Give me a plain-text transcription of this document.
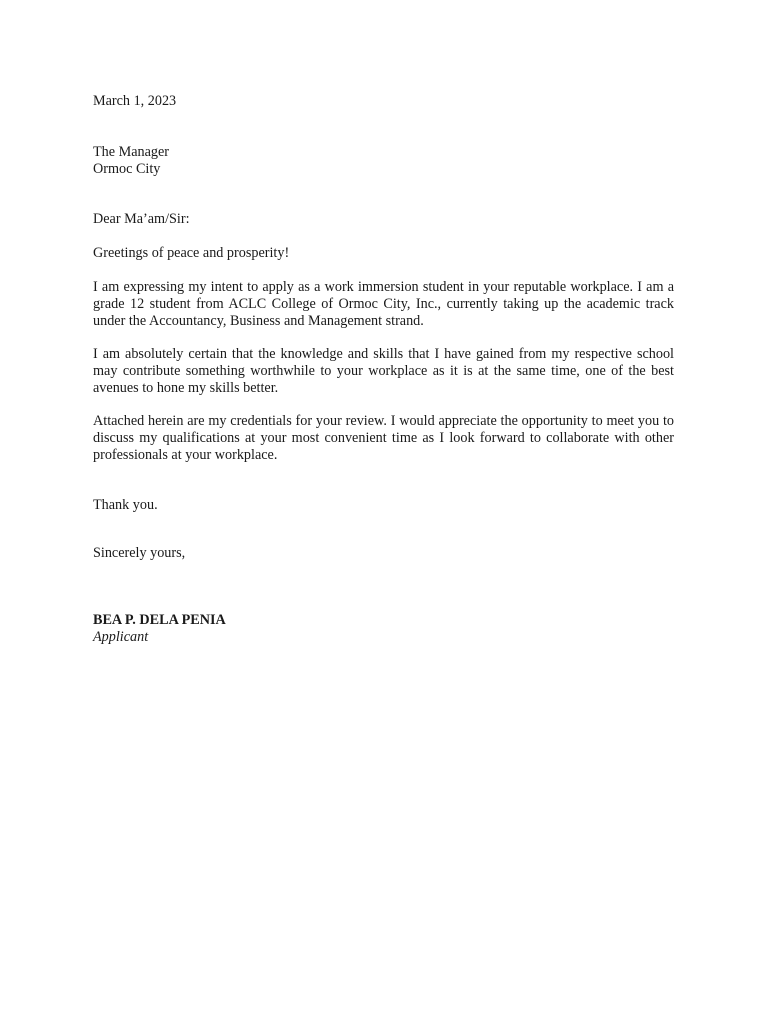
March 1, 2023

The Manager
Ormoc City

Dear Ma’am/Sir:

Greetings of peace and prosperity!

I am expressing my intent to apply as a work immersion student in your reputable workplace. I am a grade 12 student from ACLC College of Ormoc City, Inc., currently taking up the academic track under the Accountancy, Business and Management strand.

I am absolutely certain that the knowledge and skills that I have gained from my respective school may contribute something worthwhile to your workplace as it is at the same time, one of the best avenues to hone my skills better.

Attached herein are my credentials for your review. I would appreciate the opportunity to meet you to discuss my qualifications at your most convenient time as I look forward to collaborate with other professionals at your workplace.

Thank you.

Sincerely yours,

BEA P. DELA PENIA
Applicant
